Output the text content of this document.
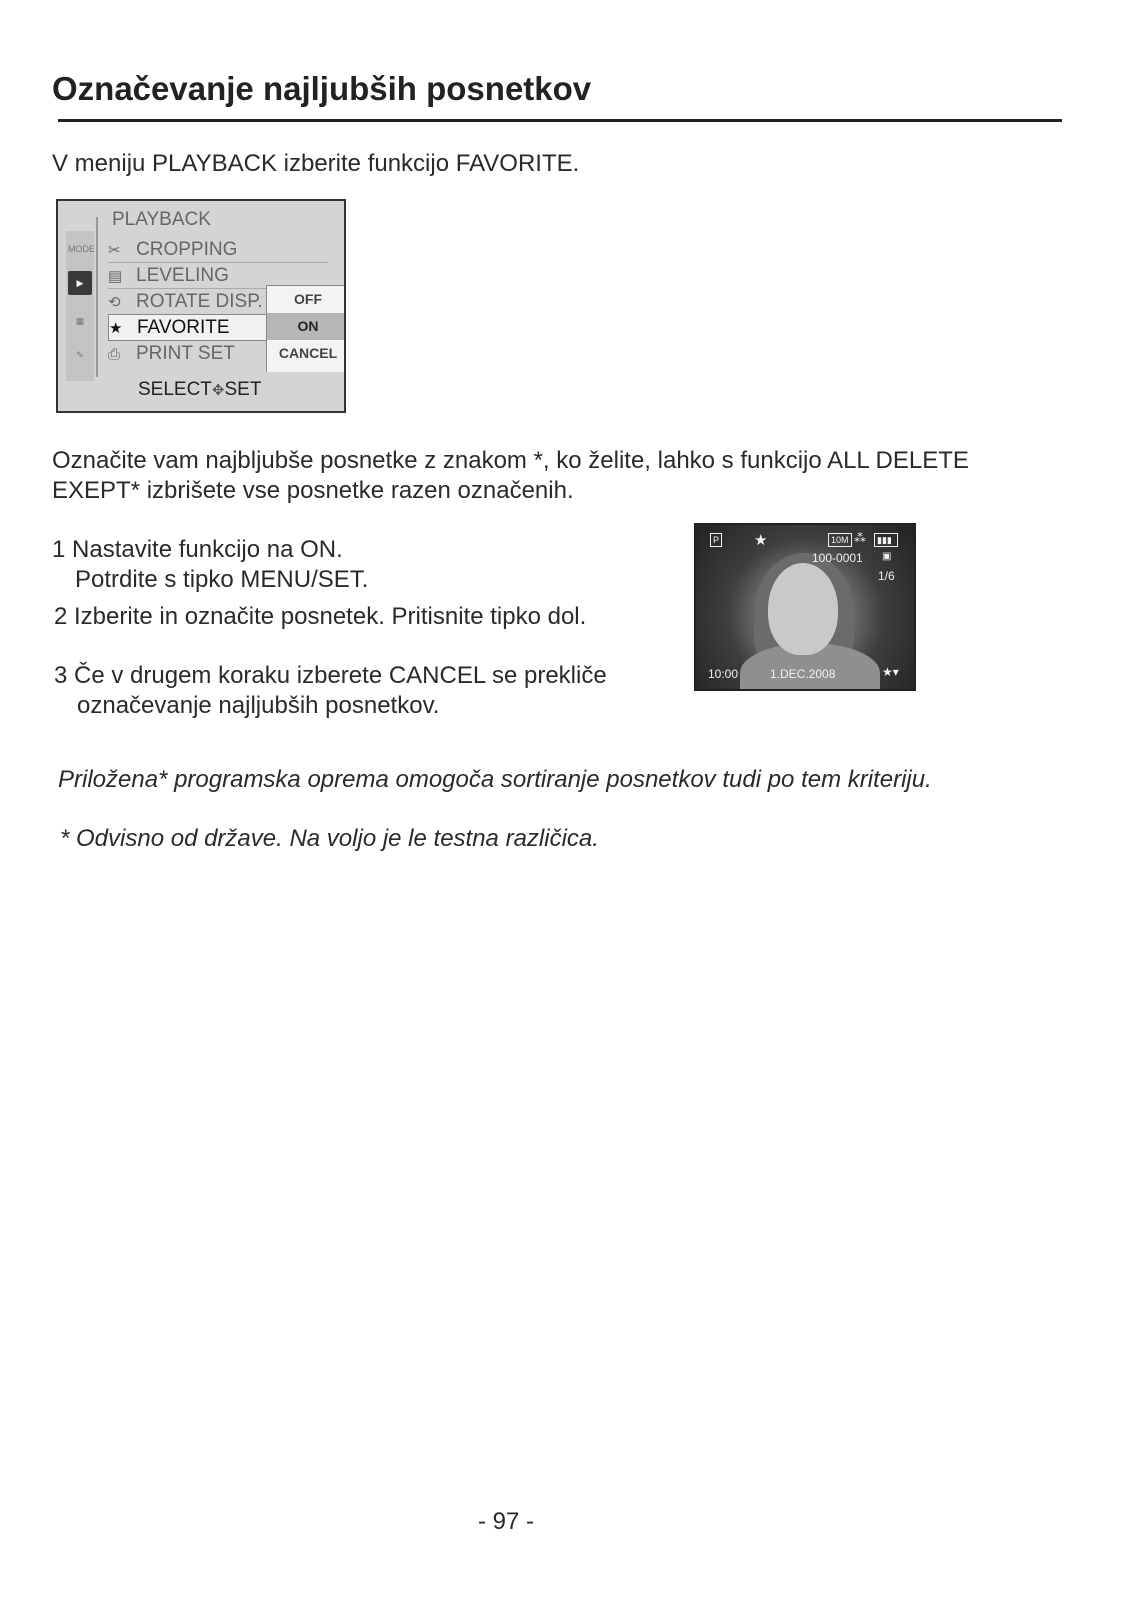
Označevanje najljubših posnetkov
V meniju PLAYBACK izberite funkcijo FAVORITE.
MODE
▶
▦
✎
PLAYBACK
✂ CROPPING
▤ LEVELING
⟲ ROTATE DISP.
★ FAVORITE
⎙ PRINT SET
OFF
ON
CANCEL
SELECT✥SET
Označite vam najbljubše posnetke z znakom *, ko želite, lahko s funkcijo ALL DELETE
EXEPT* izbrišete vse posnetke razen označenih.
1 Nastavite funkcijo na ON.
Potrdite s tipko MENU/SET.
2 Izberite in označite posnetek. Pritisnite tipko dol.
3 Če v drugem koraku izberete CANCEL se prekliče
označevanje najljubših posnetkov.
P ★	10M ⁂	▮▮▮
100-0001 ▣
1/6
10:00	1.DEC.2008	★▾
Priložena* programska oprema omogoča sortiranje posnetkov tudi po tem kriteriju.
* Odvisno od države. Na voljo je le testna različica.
- 97 -
